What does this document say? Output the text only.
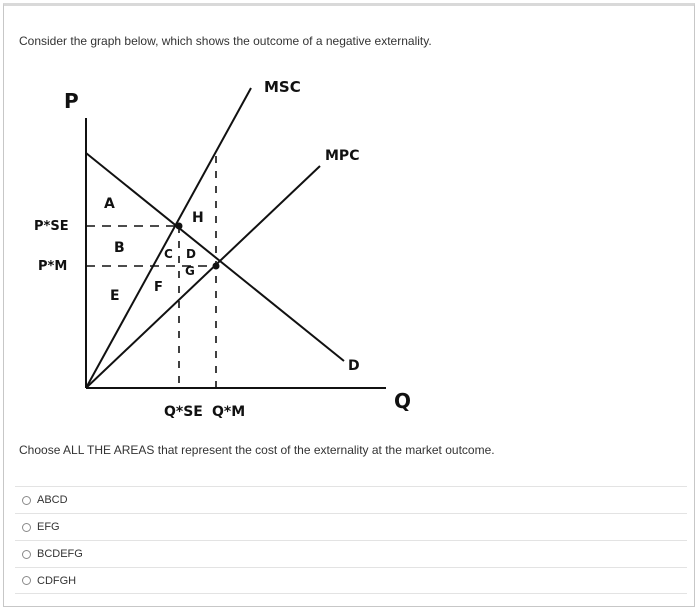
Consider the graph below, which shows the outcome of a negative externality.
P
Q
MSC
MPC
D
P*SE
P*M
Q*SE Q*M
A
B	C D
E
F
G
H
Choose ALL THE AREAS that represent the cost of the externality at the market outcome.
ABCD
EFG
BCDEFG
CDFGH
